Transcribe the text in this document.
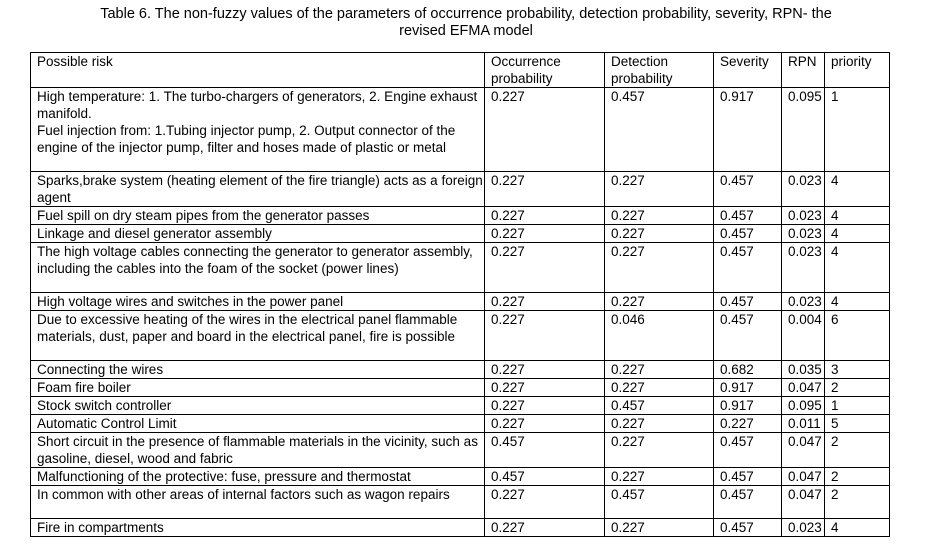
Table 6. The non-fuzzy values of the parameters of occurrence probability, detection probability, severity, RPN- the
revised EFMA model
Possible risk	Occurrence probability	Detection probability	Severity	RPN	priority
High temperature: 1. The turbo-chargers of generators, 2. Engine exhaust manifold.
Fuel injection from: 1.Tubing injector pump, 2. Output connector of the engine of the injector pump, filter and hoses made of plastic or metal	0.227	0.457	0.917	0.095	1
Sparks,brake system (heating element of the fire triangle) acts as a foreign agent	0.227	0.227	0.457	0.023	4
Fuel spill on dry steam pipes from the generator passes	0.227	0.227	0.457	0.023	4
Linkage and diesel generator assembly	0.227	0.227	0.457	0.023	4
The high voltage cables connecting the generator to generator assembly, including the cables into the foam of the socket (power lines)	0.227	0.227	0.457	0.023	4
High voltage wires and switches in the power panel	0.227	0.227	0.457	0.023	4
Due to excessive heating of the wires in the electrical panel flammable materials, dust, paper and board in the electrical panel, fire is possible	0.227	0.046	0.457	0.004	6
Connecting the wires	0.227	0.227	0.682	0.035	3
Foam fire boiler	0.227	0.227	0.917	0.047	2
Stock switch controller	0.227	0.457	0.917	0.095	1
Automatic Control Limit	0.227	0.227	0.227	0.011	5
Short circuit in the presence of flammable materials in the vicinity, such as gasoline, diesel, wood and fabric	0.457	0.227	0.457	0.047	2
Malfunctioning of the protective: fuse, pressure and thermostat	0.457	0.227	0.457	0.047	2
In common with other areas of internal factors such as wagon repairs	0.227	0.457	0.457	0.047	2
Fire in compartments	0.227	0.227	0.457	0.023	4
